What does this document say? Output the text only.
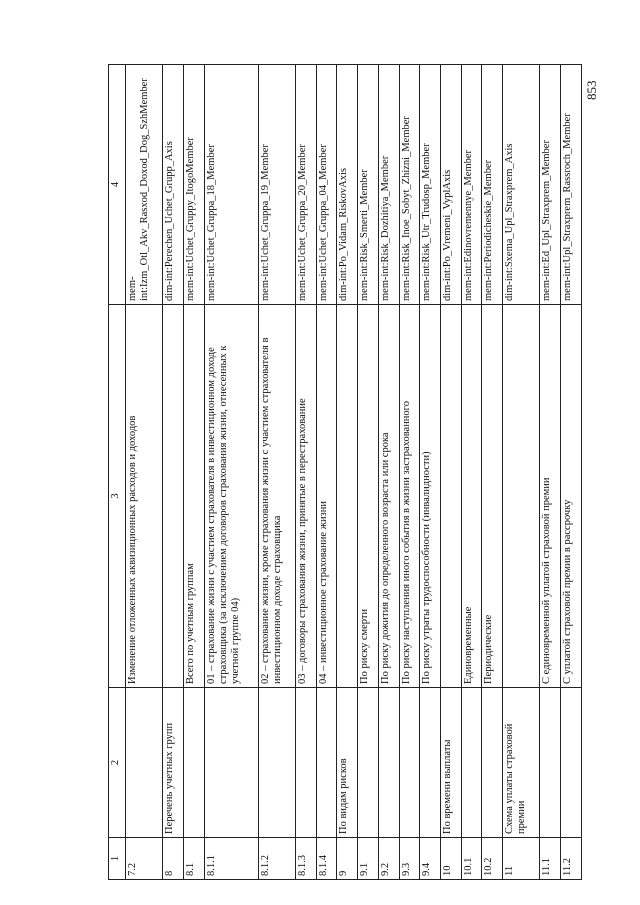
853
1	2	3	4
7.2		Изменение отложенных аквизиционных расходов и доходов	mem-int:Izm_Otl_Akv_Rasxod_Doxod_Dog_SzhMember
8	Перечень учетных групп		dim-int:Perechen_Uchet_Grupp_Axis
8.1		Всего по учетным группам	mem-int:Uchet_Gruppy_ItogoMember
8.1.1		01 – страхование жизни с участием страхователя в инвестиционном доходе страховщика (за исключением договоров страхования жизни, отнесенных к учетной группе 04)	mem-int:Uchet_Gruppa_18_Member
8.1.2		02 – страхование жизни, кроме страхования жизни с участием страхователя в инвестиционном доходе страховщика	mem-int:Uchet_Gruppa_19_Member
8.1.3		03 – договоры страхования жизни, принятые в перестрахование	mem-int:Uchet_Gruppa_20_Member
8.1.4		04 – инвестиционное страхование жизни	mem-int:Uchet_Gruppa_04_Member
9	По видам рисков		dim-int:Po_Vidam_RiskovAxis
9.1		По риску смерти	mem-int:Risk_Smerti_Member
9.2		По риску дожития до определенного возраста или срока	mem-int:Risk_Dozhitiya_Member
9.3		По риску наступления иного события в жизни застрахованного	mem-int:Risk_Inoe_Sobyt_Zhizni_Member
9.4		По риску утраты трудоспособности (инвалидности)	mem-int:Risk_Utr_Trudosp_Member
10	По времени выплаты		dim-int:Po_Vremeni_VyplAxis
10.1		Единовременные	mem-int:Edinovremennye_Member
10.2		Периодические	mem-int:Periodicheskie_Member
11	Схема уплаты страховой премии		dim-int:Sxema_Upl_Straxprem_Axis
11.1		С единовременной уплатой страховой премии	mem-int:Ed_Upl_Straxprem_Member
11.2		С уплатой страховой премии в рассрочку	mem-int:Upl_Straxprem_Rassroch_Member
